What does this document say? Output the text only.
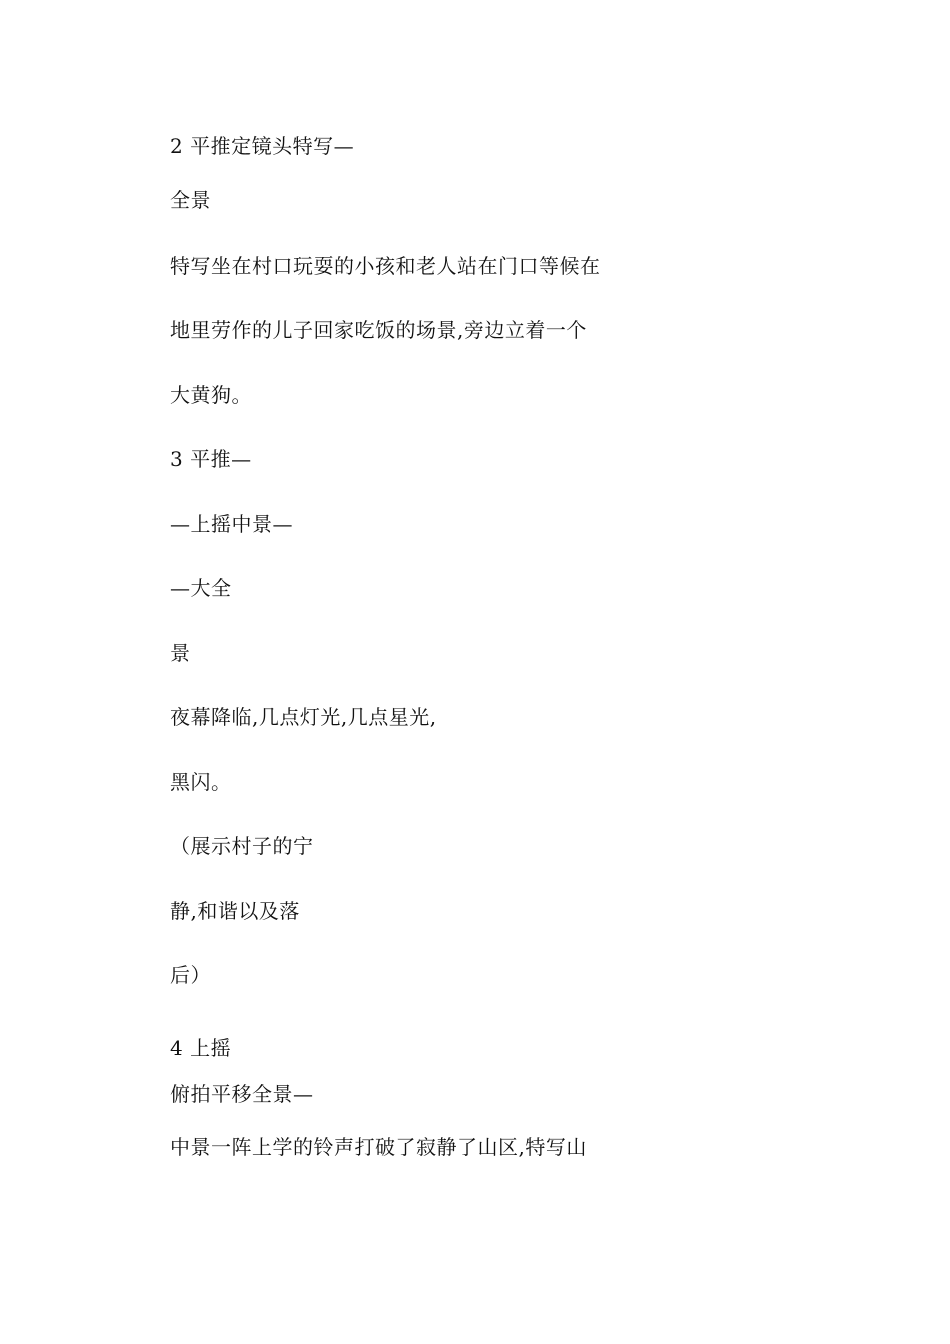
2 平推定镜头特写—
全景
特写坐在村口玩耍的小孩和老人站在门口等候在
地里劳作的儿子回家吃饭的场景,旁边立着一个
大黄狗。
3 平推—
—上摇中景—
—大全
景
夜幕降临,几点灯光,几点星光,
黑闪。
（展示村子的宁
静,和谐以及落
后）
4 上摇
俯拍平移全景—
中景一阵上学的铃声打破了寂静了山区,特写山
